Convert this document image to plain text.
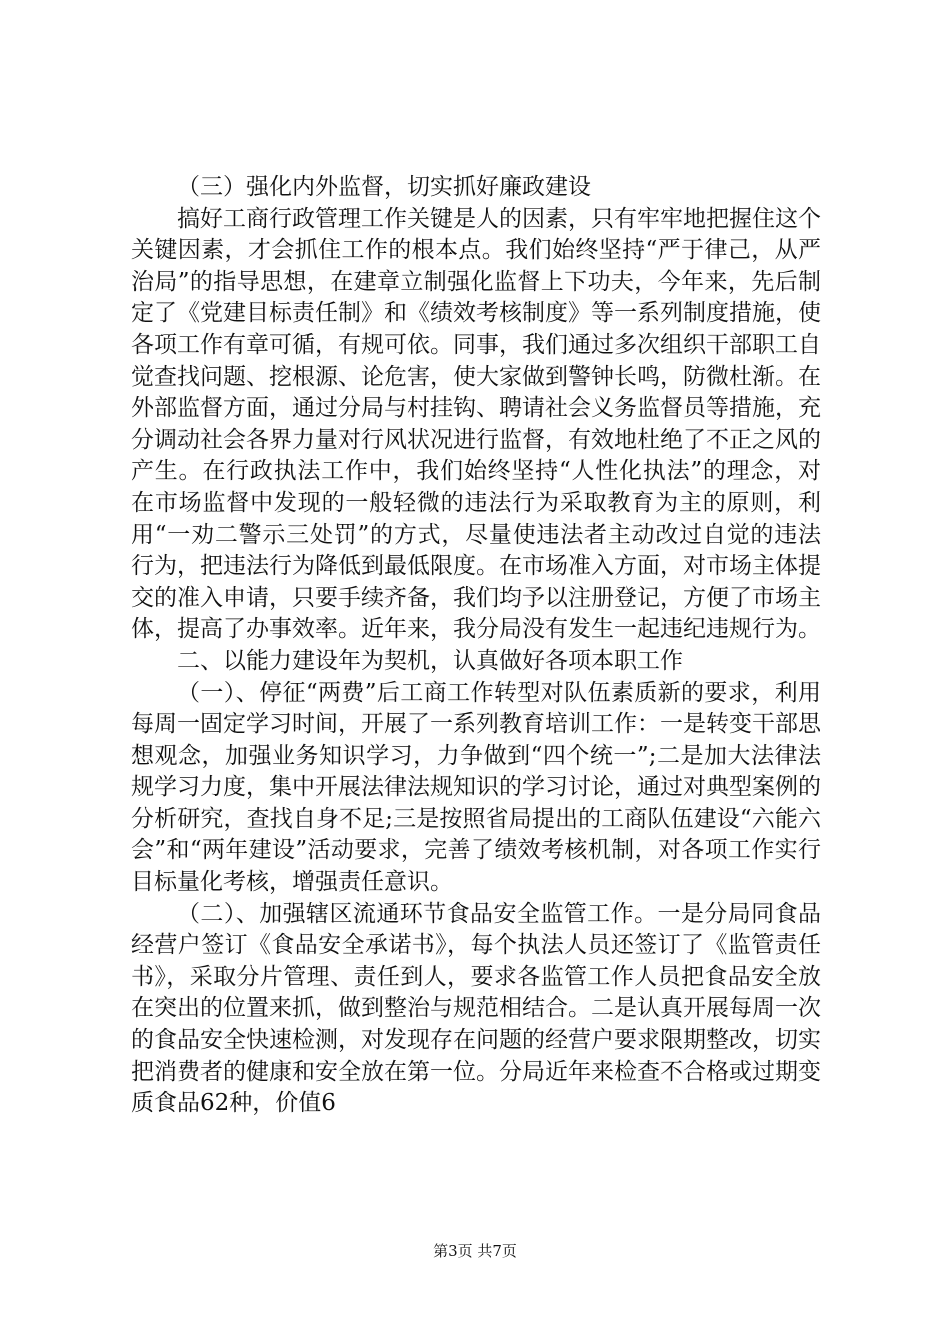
（三）强化内外监督，切实抓好廉政建设

搞好工商行政管理工作关键是人的因素，只有牢牢地把握住这个关键因素，才会抓住工作的根本点。我们始终坚持“严于律己，从严治局”的指导思想，在建章立制强化监督上下功夫，今年来，先后制定了《党建目标责任制》和《绩效考核制度》等一系列制度措施，使各项工作有章可循，有规可依。同事，我们通过多次组织干部职工自觉查找问题、挖根源、论危害，使大家做到警钟长鸣，防微杜渐。在外部监督方面，通过分局与村挂钩、聘请社会义务监督员等措施，充分调动社会各界力量对行风状况进行监督，有效地杜绝了不正之风的产生。在行政执法工作中，我们始终坚持“人性化执法”的理念，对在市场监督中发现的一般轻微的违法行为采取教育为主的原则，利用“一劝二警示三处罚”的方式，尽量使违法者主动改过自觉的违法行为，把违法行为降低到最低限度。在市场准入方面，对市场主体提交的准入申请，只要手续齐备，我们均予以注册登记，方便了市场主体，提高了办事效率。近年来，我分局没有发生一起违纪违规行为。

二、以能力建设年为契机，认真做好各项本职工作

（一）、停征“两费”后工商工作转型对队伍素质新的要求，利用每周一固定学习时间，开展了一系列教育培训工作：一是转变干部思想观念，加强业务知识学习，力争做到“四个统一”;二是加大法律法规学习力度，集中开展法律法规知识的学习讨论，通过对典型案例的分析研究，查找自身不足;三是按照省局提出的工商队伍建设“六能六会”和“两年建设”活动要求，完善了绩效考核机制，对各项工作实行目标量化考核，增强责任意识。

（二）、加强辖区流通环节食品安全监管工作。一是分局同食品经营户签订《食品安全承诺书》，每个执法人员还签订了《监管责任书》，采取分片管理、责任到人，要求各监管工作人员把食品安全放在突出的位置来抓，做到整治与规范相结合。二是认真开展每周一次的食品安全快速检测，对发现存在问题的经营户要求限期整改，切实把消费者的健康和安全放在第一位。分局近年来检查不合格或过期变质食品62种，价值6

第3页 共7页
